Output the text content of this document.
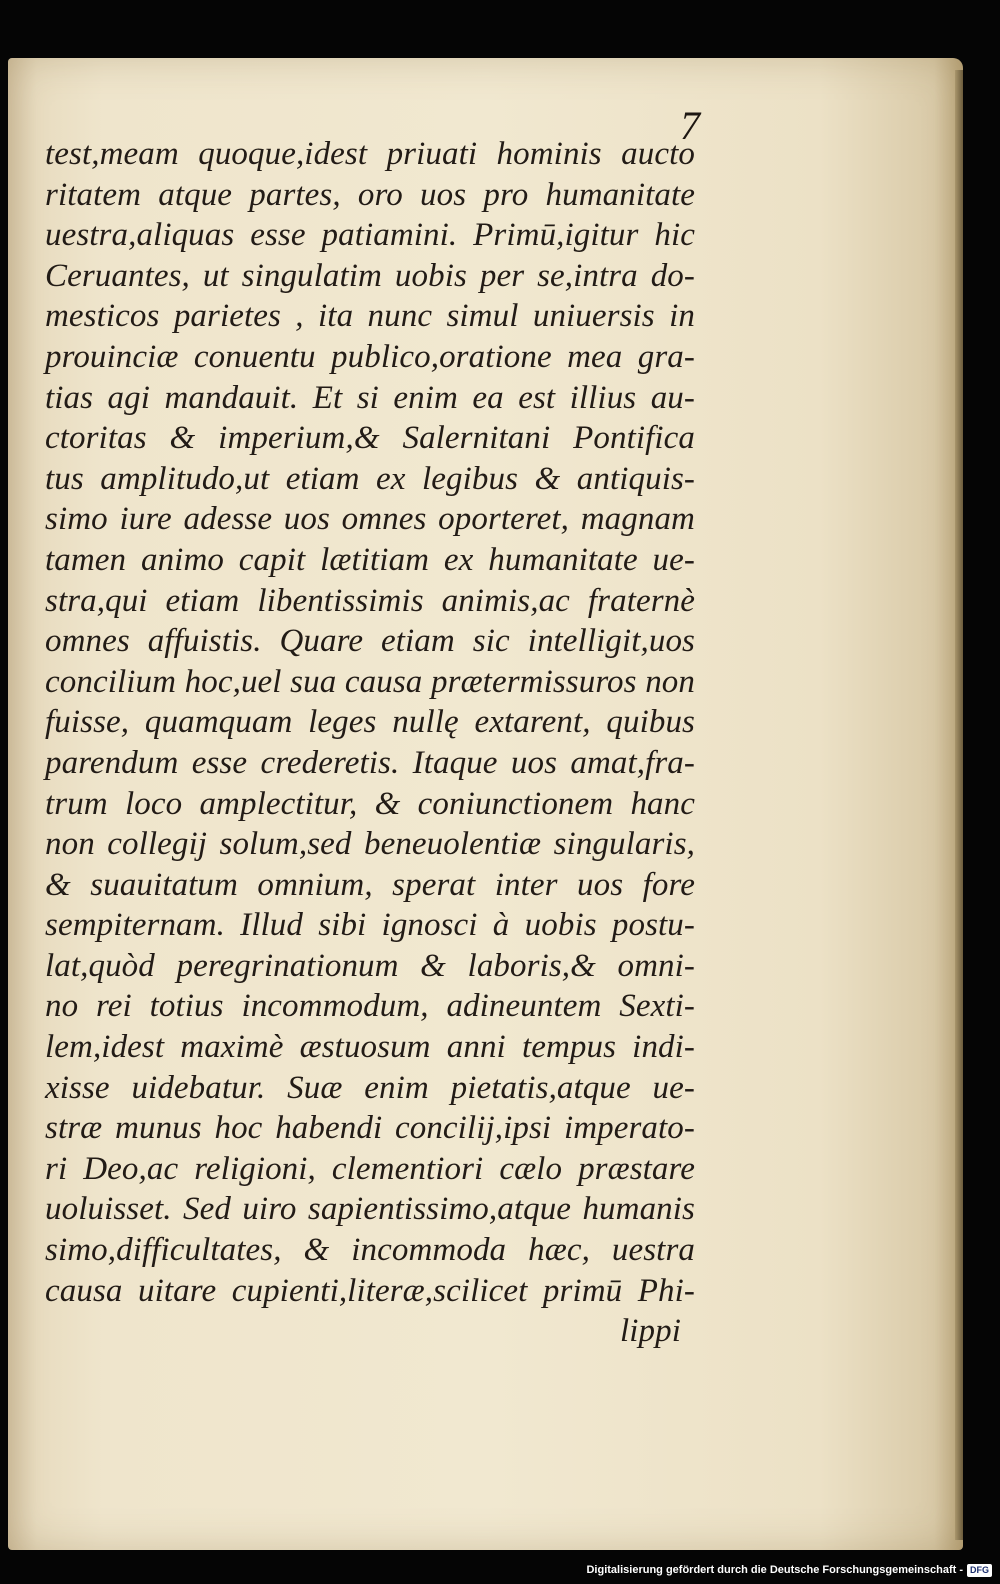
7
test,meam quoque,idest priuati hominis aucto
ritatem atque partes, oro uos pro humanitate
uestra,aliquas esse patiamini. Primū,igitur hic
Ceruantes, ut singulatim uobis per se,intra do-
mesticos parietes , ita nunc simul uniuersis in
prouinciæ conuentu publico,oratione mea gra-
tias agi mandauit. Et si enim ea est illius au-
ctoritas & imperium,& Salernitani Pontifica
tus amplitudo,ut etiam ex legibus & antiquis-
simo iure adesse uos omnes oporteret, magnam
tamen animo capit lætitiam ex humanitate ue-
stra,qui etiam libentissimis animis,ac fraternè
omnes affuistis. Quare etiam sic intelligit,uos
concilium hoc,uel sua causa prætermissuros non
fuisse, quamquam leges nullę extarent, quibus
parendum esse crederetis. Itaque uos amat,fra-
trum loco amplectitur, & coniunctionem hanc
non collegij solum,sed beneuolentiæ singularis,
& suauitatum omnium, sperat inter uos fore
sempiternam. Illud sibi ignosci à uobis postu-
lat,quòd peregrinationum & laboris,& omni-
no rei totius incommodum, adineuntem Sexti-
lem,idest maximè æstuosum anni tempus indi-
xisse uidebatur. Suæ enim pietatis,atque ue-
stræ munus hoc habendi concilij,ipsi imperato-
ri Deo,ac religioni, clementiori cælo præstare
uoluisset. Sed uiro sapientissimo,atque humanis
simo,difficultates, & incommoda hæc, uestra
causa uitare cupienti,literæ,scilicet primū Phi-
lippi
Digitalisierung gefördert durch die Deutsche Forschungsgemeinschaft - DFG
